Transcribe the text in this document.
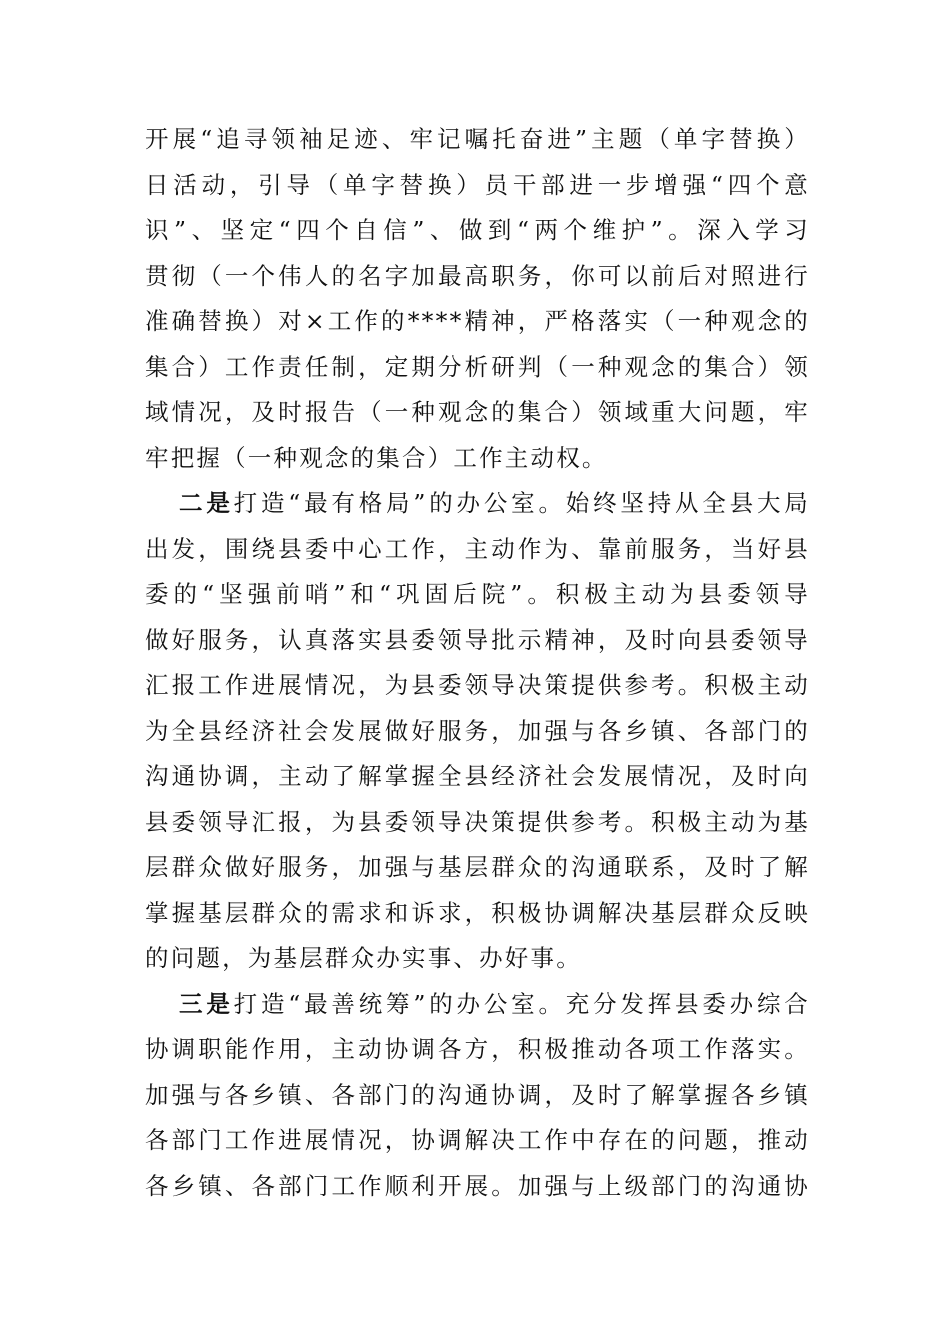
开展“追寻领袖足迹、牢记嘱托奋进”主题（单字替换）
日活动，引导（单字替换）员干部进一步增强“四个意
识”、坚定“四个自信”、做到“两个维护”。深入学习
贯彻（一个伟人的名字加最高职务，你可以前后对照进行
准确替换）对×工作的****精神，严格落实（一种观念的
集合）工作责任制，定期分析研判（一种观念的集合）领
域情况，及时报告（一种观念的集合）领域重大问题，牢
牢把握（一种观念的集合）工作主动权。
二是打造“最有格局”的办公室。始终坚持从全县大局
出发，围绕县委中心工作，主动作为、靠前服务，当好县
委的“坚强前哨”和“巩固后院”。积极主动为县委领导
做好服务，认真落实县委领导批示精神，及时向县委领导
汇报工作进展情况，为县委领导决策提供参考。积极主动
为全县经济社会发展做好服务，加强与各乡镇、各部门的
沟通协调，主动了解掌握全县经济社会发展情况，及时向
县委领导汇报，为县委领导决策提供参考。积极主动为基
层群众做好服务，加强与基层群众的沟通联系，及时了解
掌握基层群众的需求和诉求，积极协调解决基层群众反映
的问题，为基层群众办实事、办好事。
三是打造“最善统筹”的办公室。充分发挥县委办综合
协调职能作用，主动协调各方，积极推动各项工作落实。
加强与各乡镇、各部门的沟通协调，及时了解掌握各乡镇
各部门工作进展情况，协调解决工作中存在的问题，推动
各乡镇、各部门工作顺利开展。加强与上级部门的沟通协
